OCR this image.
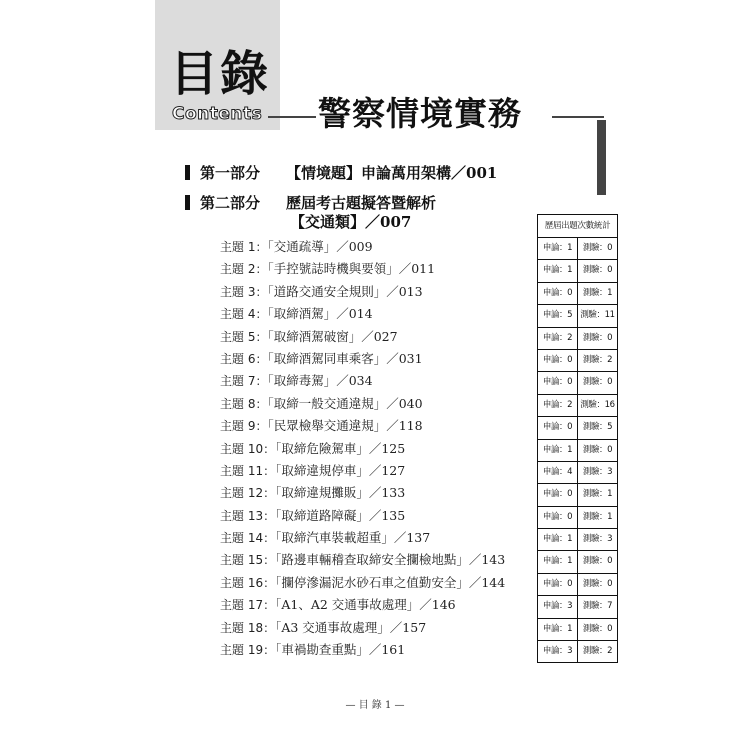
目錄
Contents 警察情境實務
第一部分 【情境題】申論萬用架構／001
第二部分 歷屆考古題擬答暨解析
【交通類】／007
主題 1：「交通疏導」／009
主題 2：「手控號誌時機與要領」／011
主題 3：「道路交通安全規則」／013
主題 4：「取締酒駕」／014
主題 5：「取締酒駕破窗」／027
主題 6：「取締酒駕同車乘客」／031
主題 7：「取締毒駕」／034
主題 8：「取締一般交通違規」／040
主題 9：「民眾檢舉交通違規」／118
主題 10：「取締危險駕車」／125
主題 11：「取締違規停車」／127
主題 12：「取締違規攤販」／133
主題 13：「取締道路障礙」／135
主題 14：「取締汽車裝載超重」／137
主題 15：「路邊車輛稽查取締安全攔檢地點」／143
主題 16：「攔停滲漏泥水砂石車之值勤安全」／144
主題 17：「A1、A2 交通事故處理」／146
主題 18：「A3 交通事故處理」／157
主題 19：「車禍勘查重點」／161
歷屆出題次數統計
申論：1	測驗：0
申論：1	測驗：0
申論：0	測驗：1
申論：5 測驗：11
申論：2	測驗：0
申論：0	測驗：2
申論：0	測驗：0
申論：2 測驗：16
申論：0	測驗：5
申論：1	測驗：0
申論：4	測驗：3
申論：0	測驗：1
申論：0	測驗：1
申論：1	測驗：3
申論：1	測驗：0
申論：0	測驗：0
申論：3	測驗：7
申論：1	測驗：0
申論：3	測驗：2
— 目 錄 1 —
